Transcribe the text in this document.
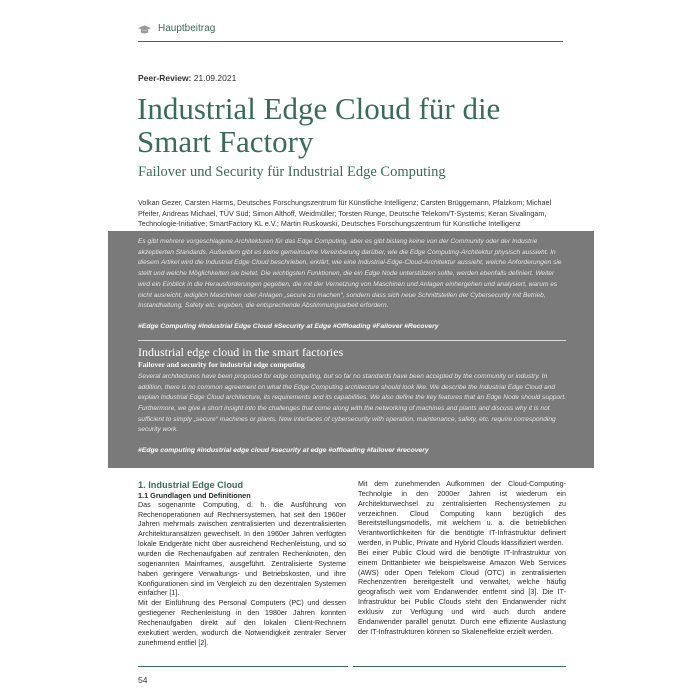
Hauptbeitrag
Peer-Review: 21.09.2021
Industrial Edge Cloud für die Smart Factory
Failover und Security für Industrial Edge Computing
Volkan Gezer, Carsten Harms, Deutsches Forschungszentrum für Künstliche Intelligenz; Carsten Brüggemann, Pfalzkom; Michael Pfeifer, Andreas Michael, TÜV Süd; Simon Althoff, Weidmüller; Torsten Runge, Deutsche Telekom/T-Systems; Keran Sivalingam, Technologie-Initiative; SmartFactory KL e.V.; Martin Ruskowski, Deutsches Forschungszentrum für Künstliche Intelligenz

Es gibt mehrere vorgeschlagene Architekturen für das Edge Computing, aber es gibt bislang keine von der Community oder der Industrie akzeptierten Standards. Außerdem gibt es keine gemeinsame Vereinbarung darüber, wie die Edge Computing-Architektur physisch aussieht. In diesem Artikel wird die Industrial Edge Cloud beschrieben, erklärt, wie eine Industrial-Edge-Cloud-Architektur aussieht, welche Anforderungen sie stellt und welche Möglichkeiten sie bietet. Die wichtigsten Funktionen, die ein Edge Node unterstützen sollte, werden ebenfalls definiert. Weiter wird ein Einblick in die Herausforderungen gegeben, die mit der Vernetzung von Maschinen und Anlagen einhergehen und analysiert, warum es nicht ausreicht, lediglich Maschinen oder Anlagen „secure zu machen“, sondern dass sich neue Schnittstellen der Cybersecurity mit Betrieb, Instandhaltung, Safety etc. ergeben, die entsprechende Abstimmungsarbeit erfordern.

#Edge Computing #Industrial Edge Cloud #Security at Edge #Offloading #Failover #Recovery

Industrial edge cloud in the smart factories

Failover and security for industrial edge computing

Several architectures have been proposed for edge computing, but so far no standards have been accepted by the community or industry. In addition, there is no common agreement on what the Edge Computing architecture should look like. We describe the Industrial Edge Cloud and explain Industrial Edge Cloud architecture, its requirements and its capabilities. We also define the key features that an Edge Node should support. Furthermore, we give a short insight into the challenges that come along with the networking of machines and plants and discuss why it is not sufficient to simply „secure“ machines or plants. New interfaces of cybersecurity with operation, maintenance, safety, etc. require corresponding security work.

#Edge computing #industrial edge cloud #security at edge #offloading #failover #recovery

1. Industrial Edge Cloud

1.1 Grundlagen und Definitionen

Das sogenannte Computing, d. h. die Ausführung von Rechenoperationen auf Rechnersystemen, hat seit den 1960er Jahren mehrmals zwischen zentralisierten und dezentralisierten Architekturansätzen gewechselt. In den 1960er Jahren verfügten lokale Endgeräte nicht über ausreichend Rechenleistung, und so wurden die Rechenaufgaben auf zentralen Rechenknoten, den sogenannten Mainframes, ausgeführt. Zentralisierte Systeme haben geringere Verwaltungs- und Betriebskosten, und ihre Konfigurationen sind im Vergleich zu den dezentralen Systemen einfacher [1].

Mit der Einführung des Personal Computers (PC) und dessen gestiegener Rechenleistung in den 1980er Jahren konnten Rechenaufgaben direkt auf den lokalen Client-Rechnern exekutiert werden, wodurch die Notwendigkeit zentraler Server zunehmend entfiel [2].

Mit dem zunehmenden Aufkommen der Cloud-Computing-Technolgie in den 2000er Jahren ist wiederum ein Architekturwechsel zu zentralisierten Rechensystemen zu verzeichnen. Cloud Computing kann bezüglich des Bereitstellungsmodells, mit welchem u. a. die betrieblichen Verantwortlichkeiten für die benötigte IT-Infrastruktur definiert werden, in Public, Private and Hybrid Clouds klassifiziert werden.

Bei einer Public Cloud wird die benötigte IT-Infrastruktur von einem Drittanbieter wie beispielsweise Amazon Web Services (AWS) oder Open Telekom Cloud (OTC) in zentralisierten Rechenzentren bereitgestellt und verwaltet, welche häufig geografisch weit vom Endanwender entfernt sind [3]. Die IT-Infrastruktur bei Public Clouds steht den Endanwender nicht exklusiv zur Verfügung und wird auch durch andere Endanwender parallel genutzt. Durch eine effiziente Auslastung der IT-Infrastrukturen können so Skaleneffekte erzielt werden.

54
